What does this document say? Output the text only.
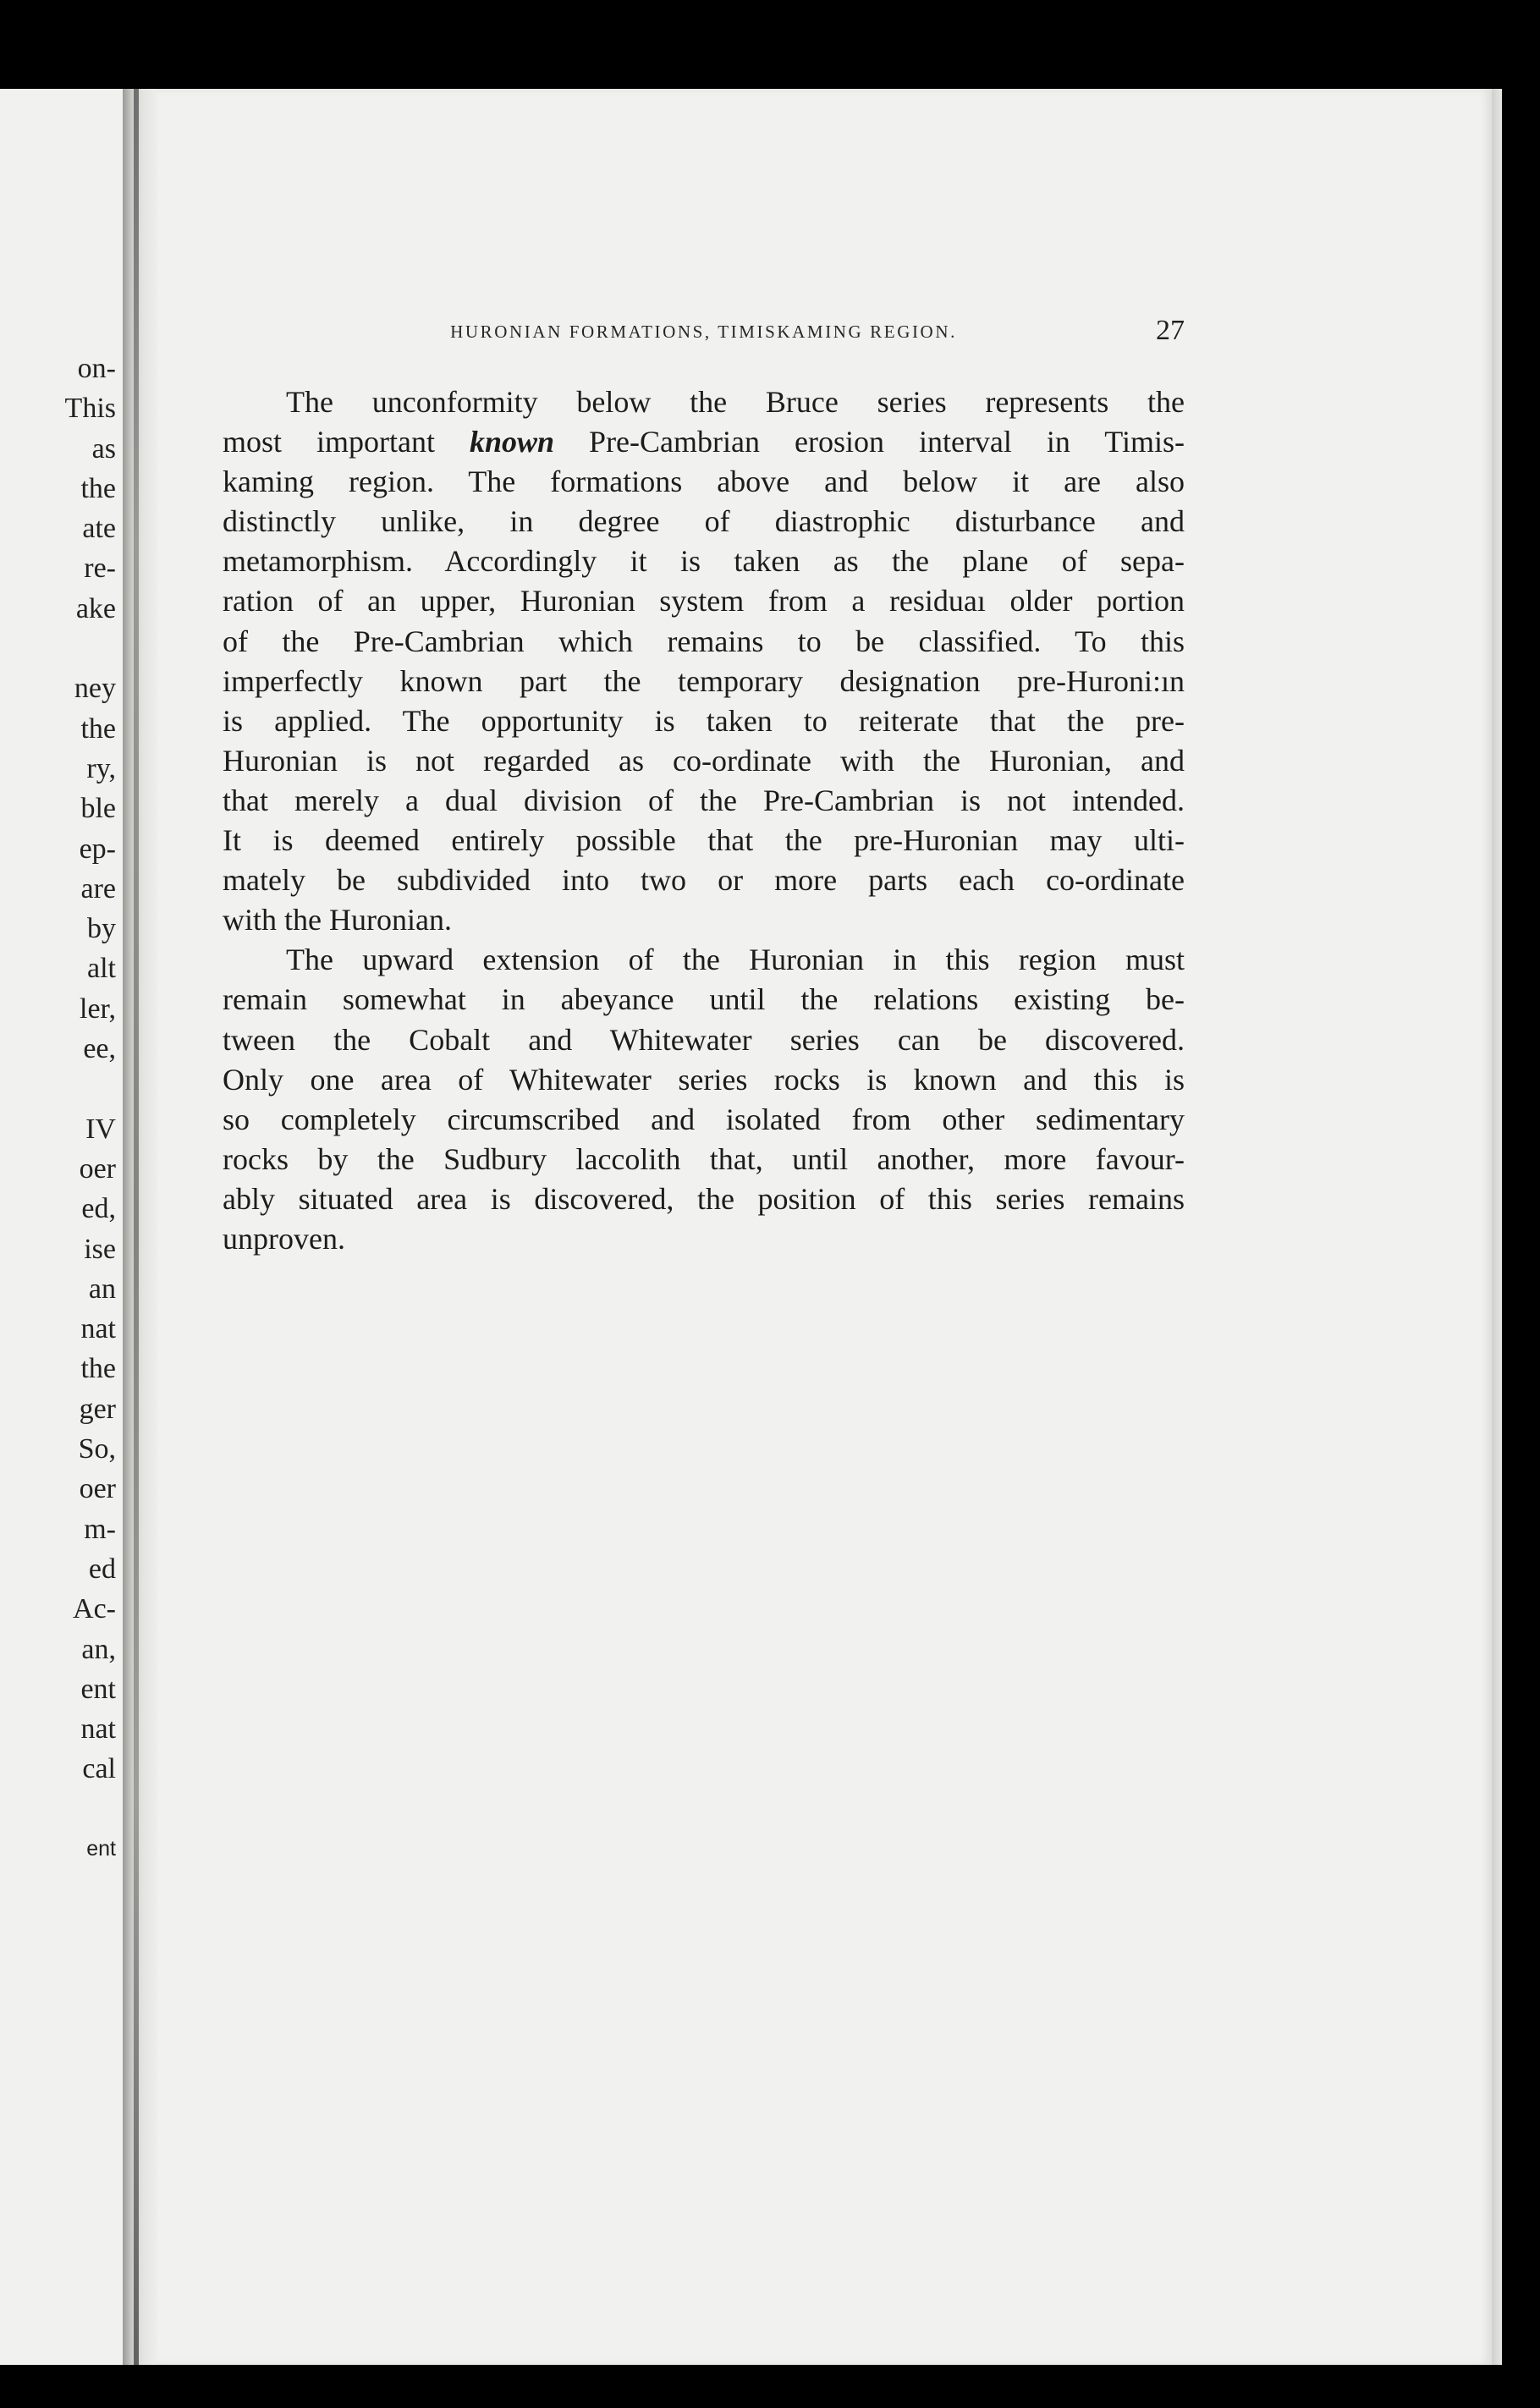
on-
This
as
the
ate
re-
ake
ney
the
ry,
ble
ep-
are
by
alt
ler,
ee,
IV
oer
ed,
ise
an
nat
the
ger
So,
oer
m-
ed
Ac-
an,
ent
nat
cal
ent
HURONIAN FORMATIONS, TIMISKAMING REGION.	27
The unconformity below the Bruce series represents the
most important known Pre-Cambrian erosion interval in Timis-
kaming region. The formations above and below it are also
distinctly unlike, in degree of diastrophic disturbance and
metamorphism. Accordingly it is taken as the plane of sepa-
ration of an upper, Huronian system from a residuaı older portion
of the Pre-Cambrian which remains to be classified. To this
imperfectly known part the temporary designation pre-Huroni:ın
is applied. The opportunity is taken to reiterate that the pre-
Huronian is not regarded as co-ordinate with the Huronian, and
that merely a dual division of the Pre-Cambrian is not intended.
It is deemed entirely possible that the pre-Huronian may ulti-
mately be subdivided into two or more parts each co-ordinate
with the Huronian.
The upward extension of the Huronian in this region must
remain somewhat in abeyance until the relations existing be-
tween the Cobalt and Whitewater series can be discovered.
Only one area of Whitewater series rocks is known and this is
so completely circumscribed and isolated from other sedimentary
rocks by the Sudbury laccolith that, until another, more favour-
ably situated area is discovered, the position of this series remains
unproven.
